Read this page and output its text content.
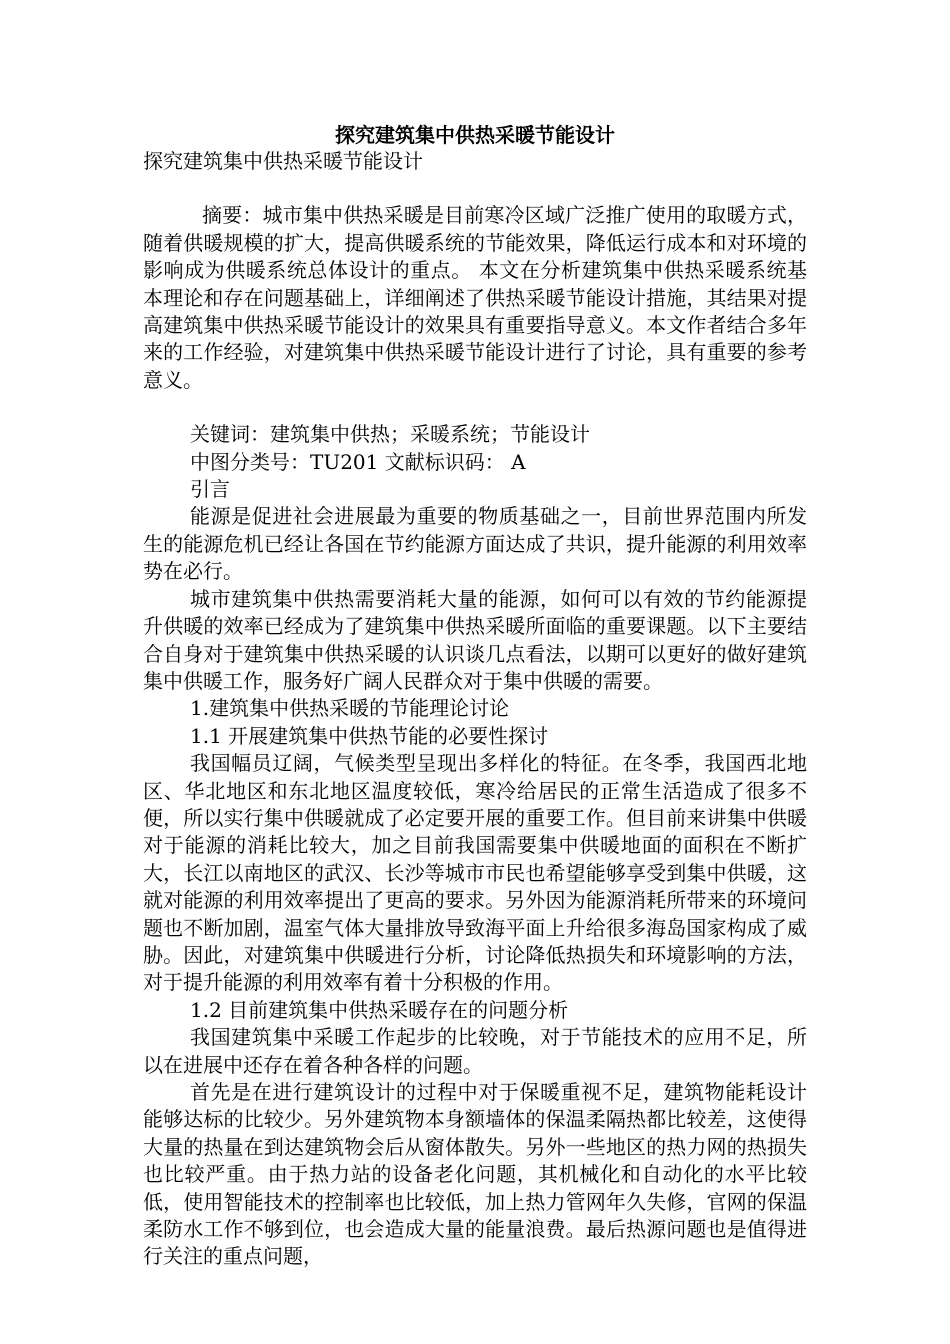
探究建筑集中供热采暖节能设计

探究建筑集中供热采暖节能设计

摘要：城市集中供热采暖是目前寒冷区域广泛推广使用的取暖方式，随着供暖规模的扩大，提高供暖系统的节能效果，降低运行成本和对环境的影响成为供暖系统总体设计的重点。 本文在分析建筑集中供热采暖系统基本理论和存在问题基础上，详细阐述了供热采暖节能设计措施，其结果对提高建筑集中供热采暖节能设计的效果具有重要指导意义。本文作者结合多年来的工作经验，对建筑集中供热采暖节能设计进行了讨论，具有重要的参考意义。

关键词：建筑集中供热；采暖系统；节能设计

中图分类号：TU201 文献标识码： A

引言

能源是促进社会进展最为重要的物质基础之一，目前世界范围内所发生的能源危机已经让各国在节约能源方面达成了共识，提升能源的利用效率势在必行。

城市建筑集中供热需要消耗大量的能源，如何可以有效的节约能源提升供暖的效率已经成为了建筑集中供热采暖所面临的重要课题。以下主要结合自身对于建筑集中供热采暖的认识谈几点看法，以期可以更好的做好建筑集中供暖工作，服务好广阔人民群众对于集中供暖的需要。

1.建筑集中供热采暖的节能理论讨论

1.1 开展建筑集中供热节能的必要性探讨

我国幅员辽阔，气候类型呈现出多样化的特征。在冬季，我国西北地区、华北地区和东北地区温度较低，寒冷给居民的正常生活造成了很多不便，所以实行集中供暖就成了必定要开展的重要工作。但目前来讲集中供暖对于能源的消耗比较大，加之目前我国需要集中供暖地面的面积在不断扩大，长江以南地区的武汉、长沙等城市市民也希望能够享受到集中供暖，这就对能源的利用效率提出了更高的要求。另外因为能源消耗所带来的环境问题也不断加剧，温室气体大量排放导致海平面上升给很多海岛国家构成了威胁。因此，对建筑集中供暖进行分析，讨论降低热损失和环境影响的方法，对于提升能源的利用效率有着十分积极的作用。

1.2 目前建筑集中供热采暖存在的问题分析

我国建筑集中采暖工作起步的比较晚，对于节能技术的应用不足，所以在进展中还存在着各种各样的问题。

首先是在进行建筑设计的过程中对于保暖重视不足，建筑物能耗设计能够达标的比较少。另外建筑物本身额墙体的保温柔隔热都比较差，这使得大量的热量在到达建筑物会后从窗体散失。另外一些地区的热力网的热损失也比较严重。由于热力站的设备老化问题，其机械化和自动化的水平比较低，使用智能技术的控制率也比较低，加上热力管网年久失修，官网的保温柔防水工作不够到位，也会造成大量的能量浪费。最后热源问题也是值得进行关注的重点问题，
